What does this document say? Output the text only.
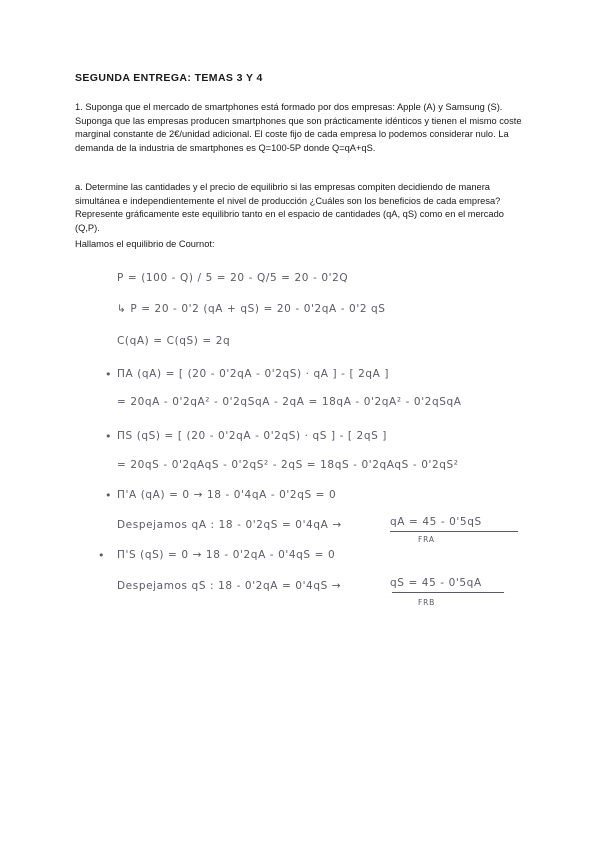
SEGUNDA ENTREGA: TEMAS 3 Y 4
1. Suponga que el mercado de smartphones está formado por dos empresas: Apple (A) y Samsung (S). Suponga que las empresas producen smartphones que son prácticamente idénticos y tienen el mismo coste marginal constante de 2€/unidad adicional. El coste fijo de cada empresa lo podemos considerar nulo. La demanda de la industria de smartphones es Q=100-5P donde Q=qA+qS.
a. Determine las cantidades y el precio de equilibrio si las empresas compiten decidiendo de manera simultánea e independientemente el nivel de producción ¿Cuáles son los beneficios de cada empresa? Represente gráficamente este equilibrio tanto en el espacio de cantidades (qA, qS) como en el mercado (Q,P).
Hallamos el equilibrio de Cournot:
P = (100 - Q) / 5 = 20 - Q/5 = 20 - 0'2Q
↳ P = 20 - 0'2 (qA + qS) = 20 - 0'2qA - 0'2 qS
C(qA) = C(qS) = 2q
• ΠA (qA) = [ (20 - 0'2qA - 0'2qS) · qA ] - [ 2qA ]
= 20qA - 0'2qA² - 0'2qSqA - 2qA = 18qA - 0'2qA² - 0'2qSqA
• ΠS (qS) = [ (20 - 0'2qA - 0'2qS) · qS ] - [ 2qS ]
= 20qS - 0'2qAqS - 0'2qS² - 2qS = 18qS - 0'2qAqS - 0'2qS²
• Π'A (qA) = 0 → 18 - 0'4qA - 0'2qS = 0
Despejamos qA : 18 - 0'2qS = 0'4qA →	qA = 45 - 0'5qS
FRA
• Π'S (qS) = 0 → 18 - 0'2qA - 0'4qS = 0
Despejamos qS : 18 - 0'2qA = 0'4qS →	qS = 45 - 0'5qA
FRB
